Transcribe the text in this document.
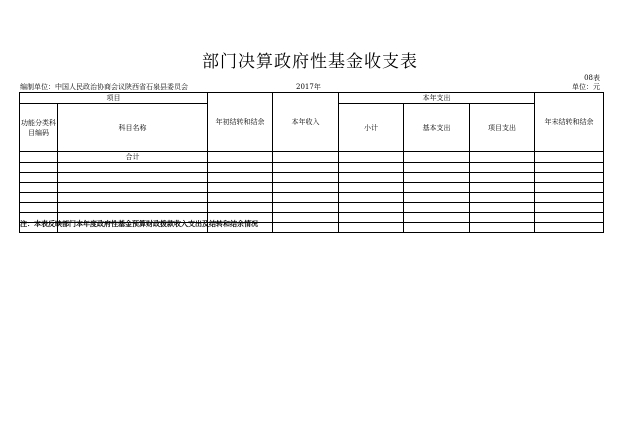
部门决算政府性基金收支表
08表
编制单位：中国人民政治协商会议陕西省石泉县委员会	2017年	单位：元
项目		年初结转和结余	本年收入	本年支出			年末结转和结余
功能分类科目编码	科目名称			小计	基本支出	项目支出	
	合计						

注：本表反映部门本年度政府性基金预算财政拨款收入支出及结转和结余情况
